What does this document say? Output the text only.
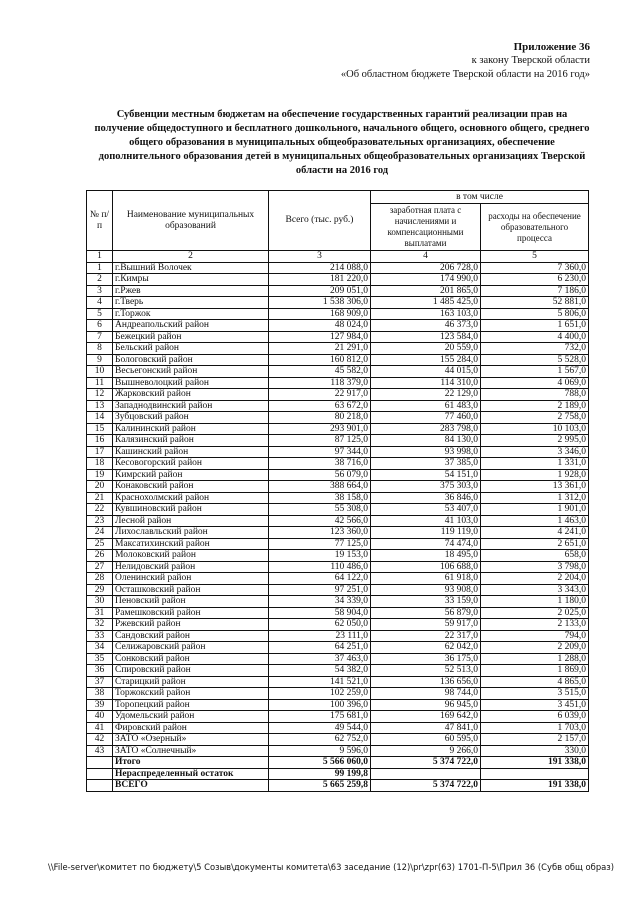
Приложение 36
к закону Тверской области
«Об областном бюджете Тверской области на 2016 год»
Субвенции местным бюджетам на обеспечение государственных гарантий реализации прав на получение общедоступного и бесплатного дошкольного, начального общего, основного общего, среднего общего образования в муниципальных общеобразовательных организациях, обеспечение дополнительного образования детей в муниципальных общеобразовательных организациях Тверской области на 2016 год
№ п/п	Наименование муниципальных образований	Всего (тыс. руб.)	в том числе	
			заработная плата с начислениями и компенсационными выплатами	расходы на обеспечение образовательного процесса
1	2	3	4	5
1	г.Вышний Волочек	214 088,0	206 728,0	7 360,0
2	г.Кимры	181 220,0	174 990,0	6 230,0
3	г.Ржев	209 051,0	201 865,0	7 186,0
4	г.Тверь	1 538 306,0	1 485 425,0	52 881,0
5	г.Торжок	168 909,0	163 103,0	5 806,0
6	Андреапольский район	48 024,0	46 373,0	1 651,0
7	Бежецкий район	127 984,0	123 584,0	4 400,0
8	Бельский район	21 291,0	20 559,0	732,0
9	Бологовский район	160 812,0	155 284,0	5 528,0
10	Весьегонский район	45 582,0	44 015,0	1 567,0
11	Вышневолоцкий район	118 379,0	114 310,0	4 069,0
12	Жарковский район	22 917,0	22 129,0	788,0
13	Западнодвинский район	63 672,0	61 483,0	2 189,0
14	Зубцовский район	80 218,0	77 460,0	2 758,0
15	Калининский район	293 901,0	283 798,0	10 103,0
16	Калязинский район	87 125,0	84 130,0	2 995,0
17	Кашинский район	97 344,0	93 998,0	3 346,0
18	Кесовогорский район	38 716,0	37 385,0	1 331,0
19	Кимрский район	56 079,0	54 151,0	1 928,0
20	Конаковский район	388 664,0	375 303,0	13 361,0
21	Краснохолмский район	38 158,0	36 846,0	1 312,0
22	Кувшиновский район	55 308,0	53 407,0	1 901,0
23	Лесной район	42 566,0	41 103,0	1 463,0
24	Лихославльский район	123 360,0	119 119,0	4 241,0
25	Максатихинский район	77 125,0	74 474,0	2 651,0
26	Молоковский район	19 153,0	18 495,0	658,0
27	Нелидовский район	110 486,0	106 688,0	3 798,0
28	Оленинский район	64 122,0	61 918,0	2 204,0
29	Осташковский район	97 251,0	93 908,0	3 343,0
30	Пеновский район	34 339,0	33 159,0	1 180,0
31	Рамешковский район	58 904,0	56 879,0	2 025,0
32	Ржевский район	62 050,0	59 917,0	2 133,0
33	Сандовский район	23 111,0	22 317,0	794,0
34	Селижаровский район	64 251,0	62 042,0	2 209,0
35	Сонковский район	37 463,0	36 175,0	1 288,0
36	Спировский район	54 382,0	52 513,0	1 869,0
37	Старицкий район	141 521,0	136 656,0	4 865,0
38	Торжокский район	102 259,0	98 744,0	3 515,0
39	Торопецкий район	100 396,0	96 945,0	3 451,0
40	Удомельский район	175 681,0	169 642,0	6 039,0
41	Фировский район	49 544,0	47 841,0	1 703,0
42	ЗАТО «Озерный»	62 752,0	60 595,0	2 157,0
43	ЗАТО «Солнечный»	9 596,0	9 266,0	330,0
	Итого	5 566 060,0	5 374 722,0	191 338,0
	Нераспределенный остаток	99 199,8		
	ВСЕГО	5 665 259,8	5 374 722,0	191 338,0
\\File-server\комитет по бюджету\5 Созыв\документы комитета\63 заседание (12)\pr\zpr(63) 1701-П-5\Прил 36 (Субв общ образ)
